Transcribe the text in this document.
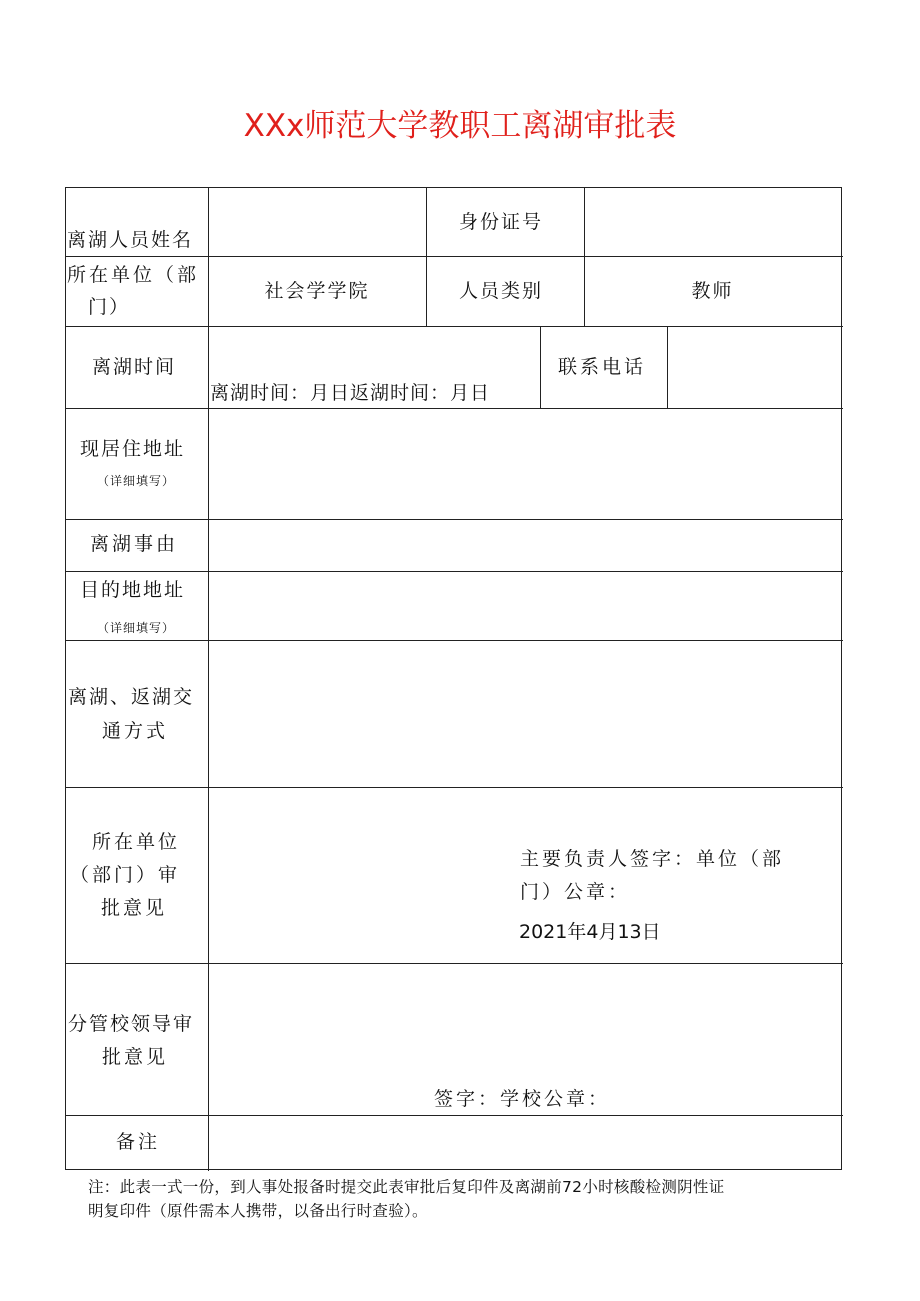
XXx师范大学教职工离湖审批表
离湖人员姓名
身份证号
所在单位（部
门）
社会学学院	人员类别	教师
离湖时间
离湖时间：月日返湖时间：月日
联系电话
现居住地址
（详细填写）
离湖事由
目的地地址
（详细填写）
离湖、返湖交
通方式
所在单位
（部门）审
批意见
主要负责人签字：单位（部
门）公章：
2021年4月13日
分管校领导审
批意见
签字：学校公章：
备注
注：此表一式一份，到人事处报备时提交此表审批后复印件及离湖前72小时核酸检测阴性证
明复印件（原件需本人携带，以备出行时查验）。
